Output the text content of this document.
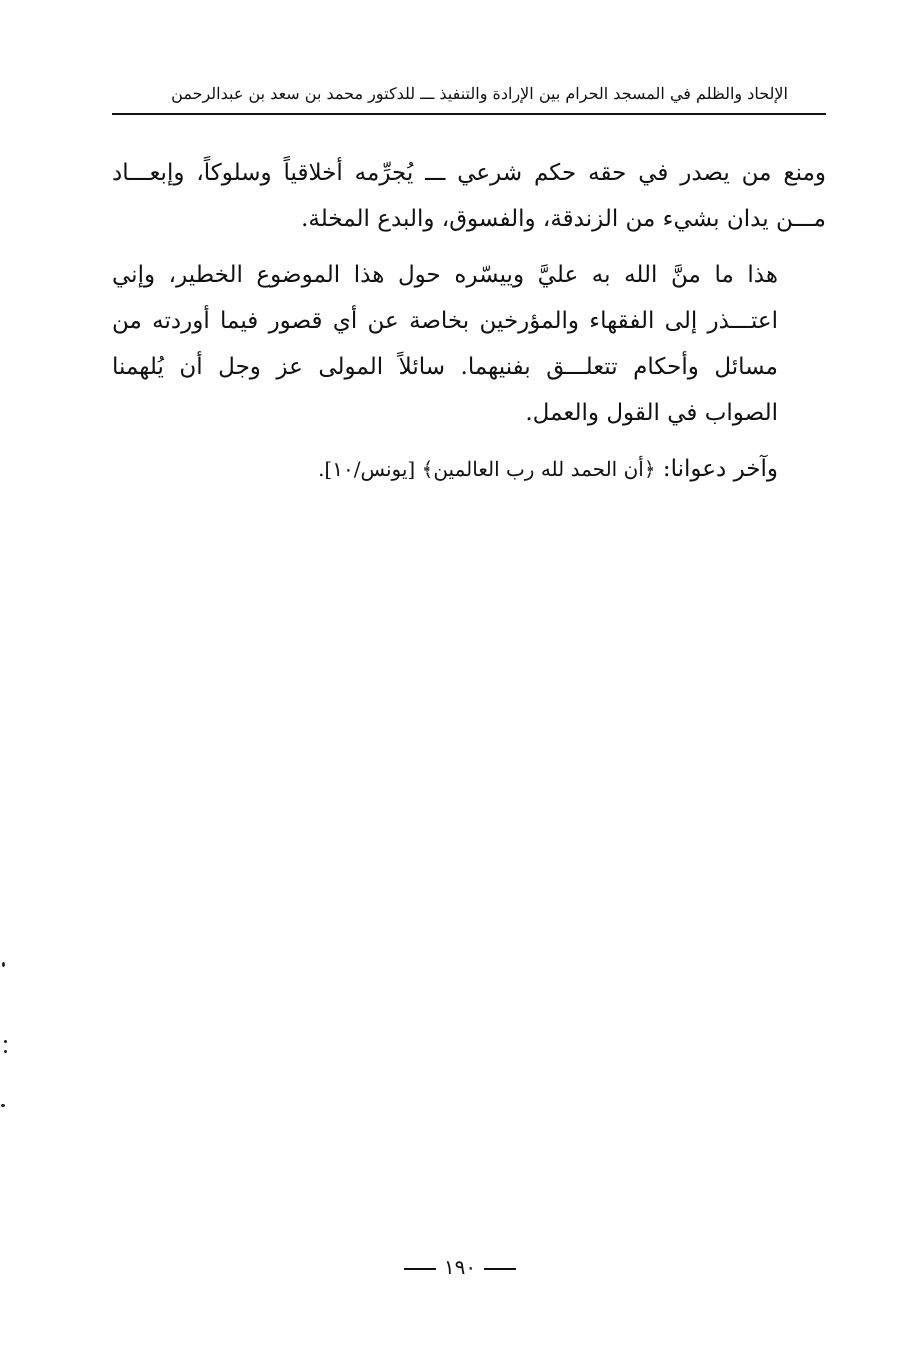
الإلحاد والظلم في المسجد الحرام بين الإرادة والتنفيذ ـــ للدكتور محمد بن سعد بن عبدالرحمن

ومنع من يصدر في حقه حكم شرعي ـــ يُجرِّمه أخلاقياً وسلوكاً، وإبعـــاد مـــن يدان بشيء من الزندقة، والفسوق، والبدع المخلة.

هذا ما منَّ الله به عليَّ وييسّره حول هذا الموضوع الخطير، وإني اعتـــذر إلى الفقهاء والمؤرخين بخاصة عن أي قصور فيما أوردته من مسائل وأحكام تتعلـــق بفنيهما. سائلاً المولى عز وجل أن يُلهمنا الصواب في القول والعمل.

وآخر دعوانا: ﴿أن الحمد لله رب العالمين﴾ [يونس/١٠].

١٩٠
